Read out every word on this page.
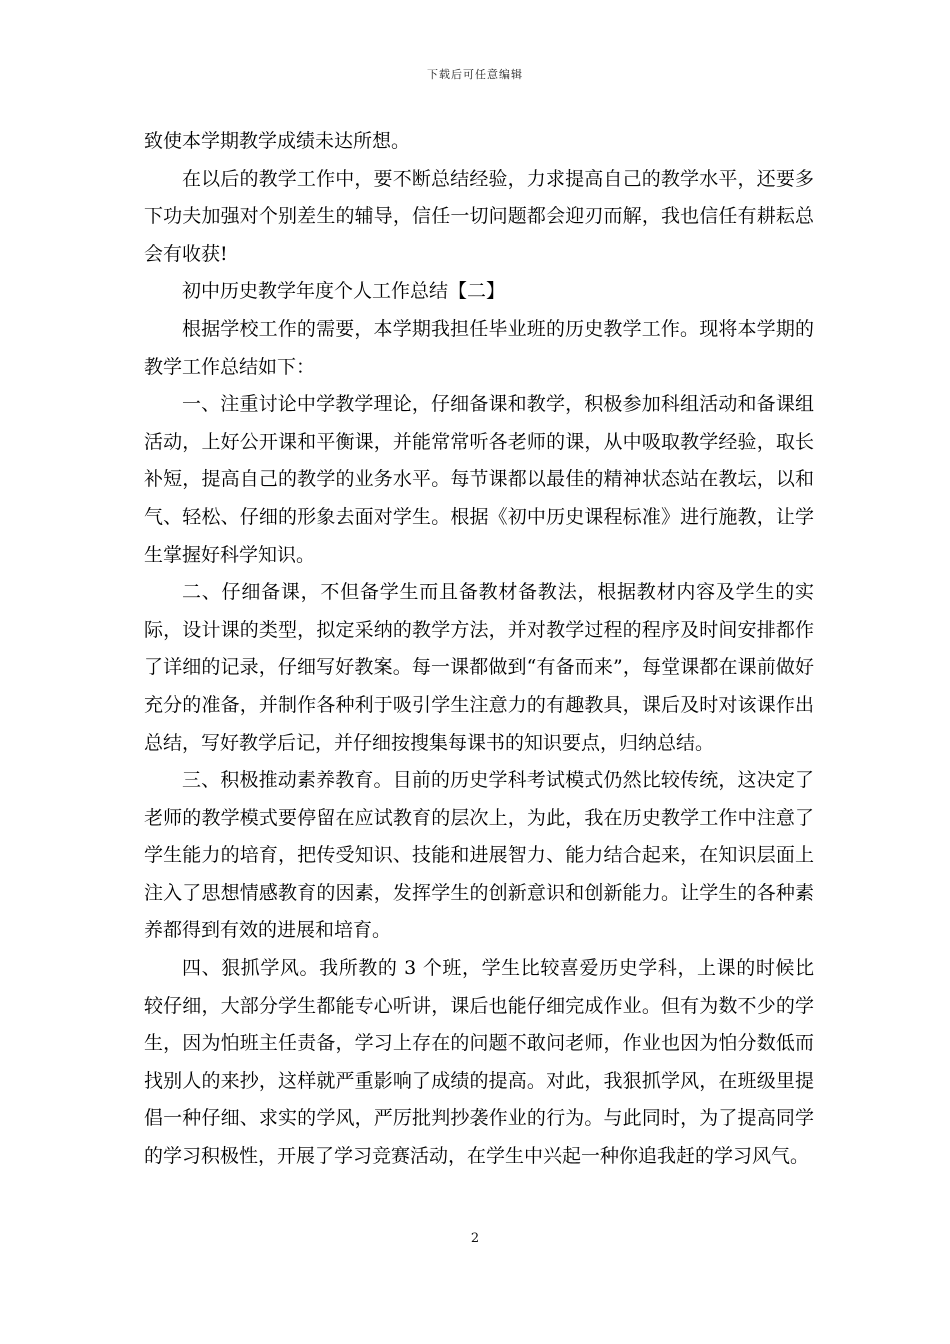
下载后可任意编辑

致使本学期教学成绩未达所想。

在以后的教学工作中，要不断总结经验，力求提高自己的教学水平，还要多下功夫加强对个别差生的辅导，信任一切问题都会迎刃而解，我也信任有耕耘总会有收获!

初中历史教学年度个人工作总结【二】

根据学校工作的需要，本学期我担任毕业班的历史教学工作。现将本学期的教学工作总结如下：

一、注重讨论中学教学理论，仔细备课和教学，积极参加科组活动和备课组活动，上好公开课和平衡课，并能常常听各老师的课，从中吸取教学经验，取长补短，提高自己的教学的业务水平。每节课都以最佳的精神状态站在教坛，以和气、轻松、仔细的形象去面对学生。根据《初中历史课程标准》进行施教，让学生掌握好科学知识。

二、仔细备课，不但备学生而且备教材备教法，根据教材内容及学生的实际，设计课的类型，拟定采纳的教学方法，并对教学过程的程序及时间安排都作了详细的记录，仔细写好教案。每一课都做到“有备而来”，每堂课都在课前做好充分的准备，并制作各种利于吸引学生注意力的有趣教具，课后及时对该课作出总结，写好教学后记，并仔细按搜集每课书的知识要点，归纳总结。

三、积极推动素养教育。目前的历史学科考试模式仍然比较传统，这决定了老师的教学模式要停留在应试教育的层次上，为此，我在历史教学工作中注意了学生能力的培育，把传受知识、技能和进展智力、能力结合起来，在知识层面上注入了思想情感教育的因素，发挥学生的创新意识和创新能力。让学生的各种素养都得到有效的进展和培育。

四、狠抓学风。我所教的 3 个班，学生比较喜爱历史学科，上课的时候比较仔细，大部分学生都能专心听讲，课后也能仔细完成作业。但有为数不少的学生，因为怕班主任责备，学习上存在的问题不敢问老师，作业也因为怕分数低而找别人的来抄，这样就严重影响了成绩的提高。对此，我狠抓学风，在班级里提倡一种仔细、求实的学风，严厉批判抄袭作业的行为。与此同时，为了提高同学的学习积极性，开展了学习竞赛活动，在学生中兴起一种你追我赶的学习风气。

2
